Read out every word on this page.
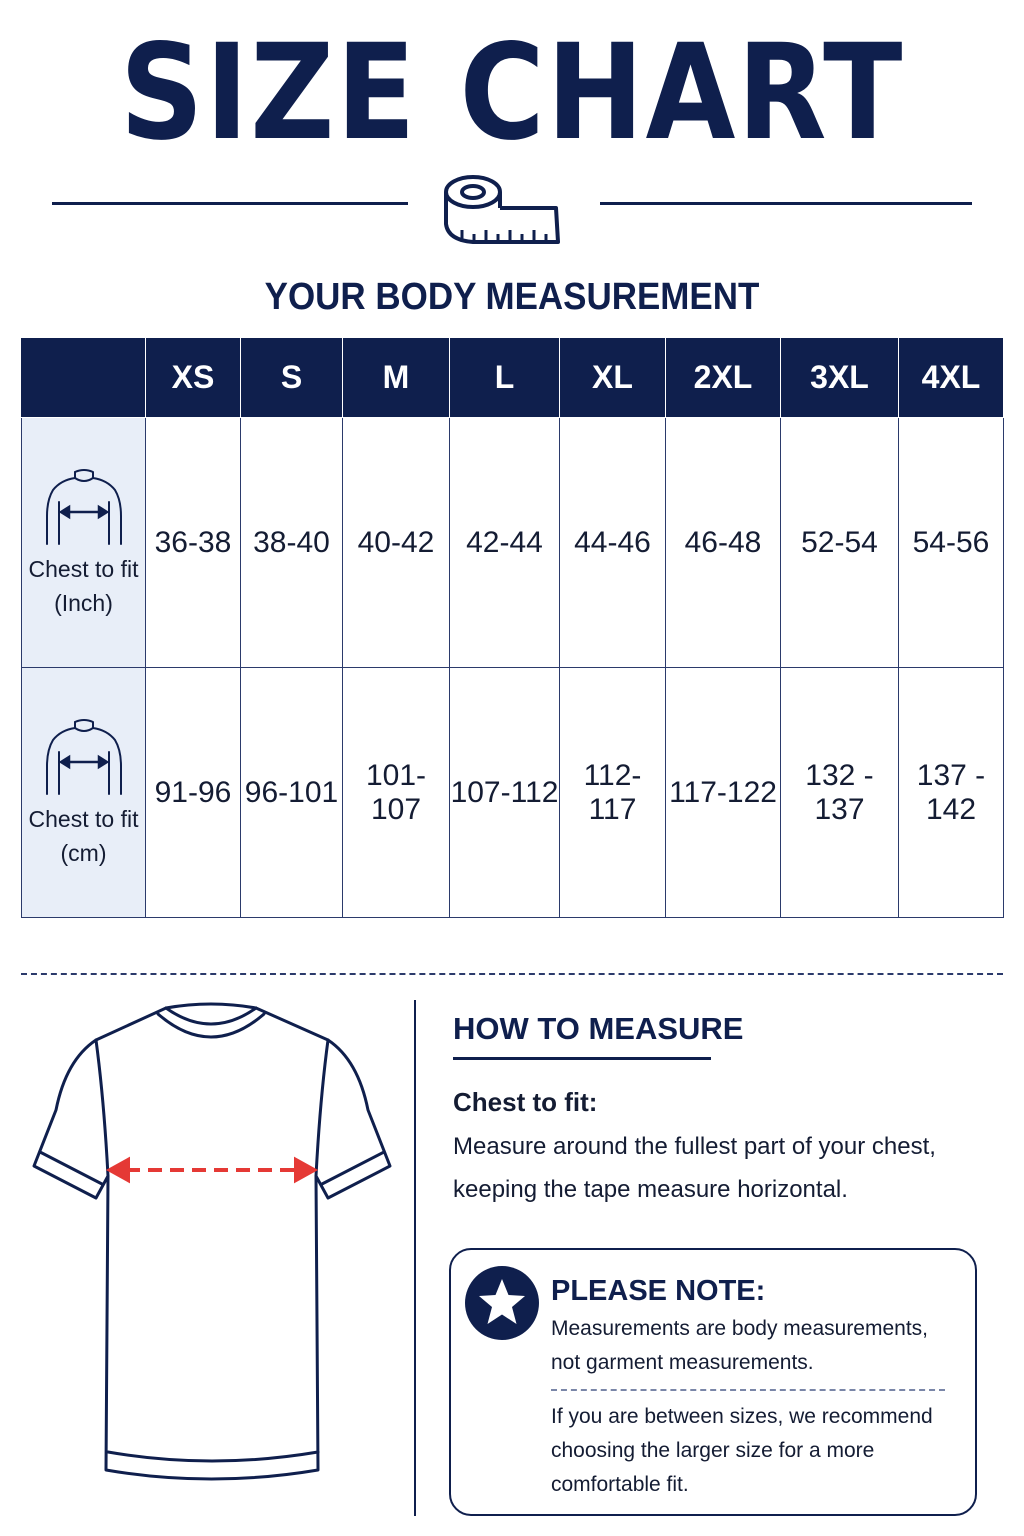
SIZE CHART
YOUR BODY MEASUREMENT
	XS	S	M	L	XL	2XL	3XL	4XL

Chest to fit
(Inch)	36-38	38-40	40-42	42-44	44-46	46-48	52-54	54-56

Chest to fit
(cm)	91-96	96-101	101-107	107-112	112-117	117-122	132 - 137	137 - 142
HOW TO MEASURE
Chest to fit:
Measure around the fullest part of your chest,
keeping the tape measure horizontal.
PLEASE NOTE:
Measurements are body measurements,
not garment measurements.
If you are between sizes, we recommend
choosing the larger size for a more
comfortable fit.
